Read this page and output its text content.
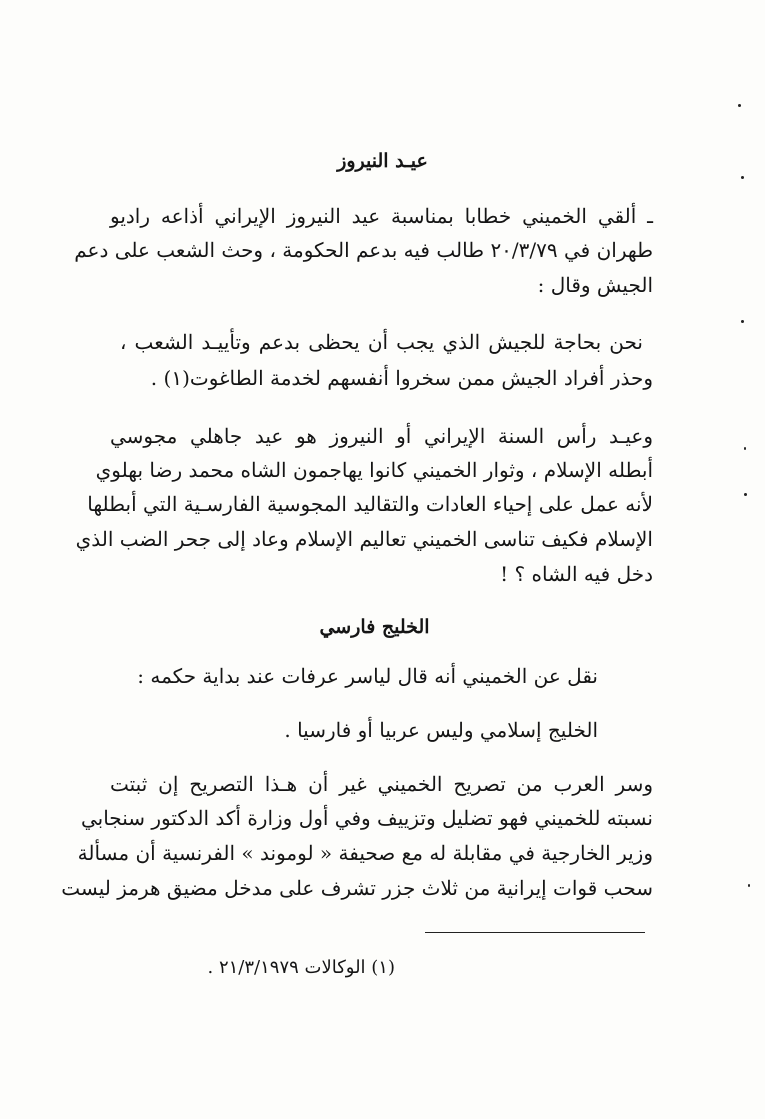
عيـد النيروز
ـ ألقي الخميني خطابا بمناسبة عيد النيروز الإيراني أذاعه راديو
طهران في ٢٠/٣/٧٩ طالب فيه بدعم الحكومة ، وحث الشعب على دعم
الجيش وقال :
نحن بحاجة للجيش الذي يجب أن يحظى بدعم وتأييـد الشعب ،
وحذر أفراد الجيش ممن سخروا أنفسهم لخدمة الطاغوت(١) .
وعيـد رأس السنة الإيراني أو النيروز هو عيد جاهلي مجوسي
أبطله الإسلام ، وثوار الخميني كانوا يهاجمون الشاه محمد رضا بهلوي
لأنه عمل على إحياء العادات والتقاليد المجوسية الفارسـية التي أبطلها
الإسلام فكيف تناسى الخميني تعاليم الإسلام وعاد إلى جحر الضب الذي
دخل فيه الشاه ؟ !
الخليج فارسي
نقل عن الخميني أنه قال لياسر عرفات عند بداية حكمه :
الخليج إسلامي وليس عربيا أو فارسيا .
وسر العرب من تصريح الخميني غير أن هـذا التصريح إن ثبتت
نسبته للخميني فهو تضليل وتزييف وفي أول وزارة أكد الدكتور سنجابي
وزير الخارجية في مقابلة له مع صحيفة « لوموند » الفرنسية أن مسألة
سحب قوات إيرانية من ثلاث جزر تشرف على مدخل مضيق هرمز ليست
(١) الوكالات ٢١/٣/١٩٧٩ .
